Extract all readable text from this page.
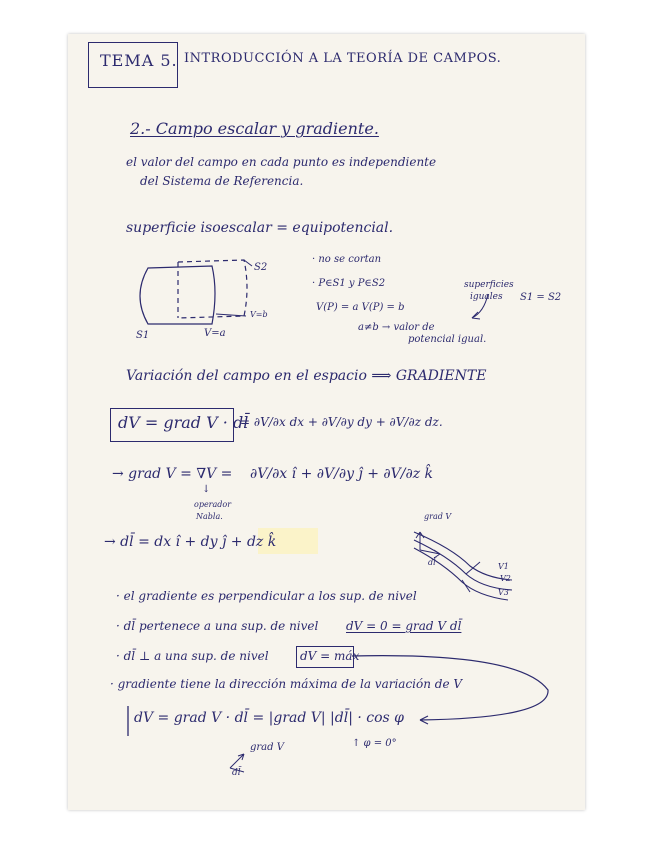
TEMA 5. INTRODUCCIÓN A LA TEORÍA DE CAMPOS.
2.- Campo escalar y gradiente.
el valor del campo en cada punto es independiente
del Sistema de Referencia.
superficie isoescalar = equipotencial.
S2
V=b
S1	V=a
· no se cortan
· P∈S1 y P∈S2
V(P) = a V(P) = b
a≠b → valor de
potencial igual.
superficies
iguales S1 = S2
Variación del campo en el espacio ⟹ GRADIENTE
dV = grad V · dl̄
= ∂V/∂x dx + ∂V/∂y dy + ∂V/∂z dz.
→ grad V = ∇V = ∂V/∂x î + ∂V/∂y ĵ + ∂V/∂z k̂
↓
operador
Nabla.
→ dl̄ = dx î + dy ĵ + dz k̂
grad V
dl̄	V1
V2
V3
· el gradiente es perpendicular a los sup. de nivel
· dl̄ pertenece a una sup. de nivel dV = 0 = grad V dl̄
· dl̄ ⊥ a una sup. de nivel	dV = máx
· gradiente tiene la dirección máxima de la variación de V
dV = grad V · dl̄ = |grad V| |dl̄| · cos φ
↑ φ = 0°
grad V
dl̄
